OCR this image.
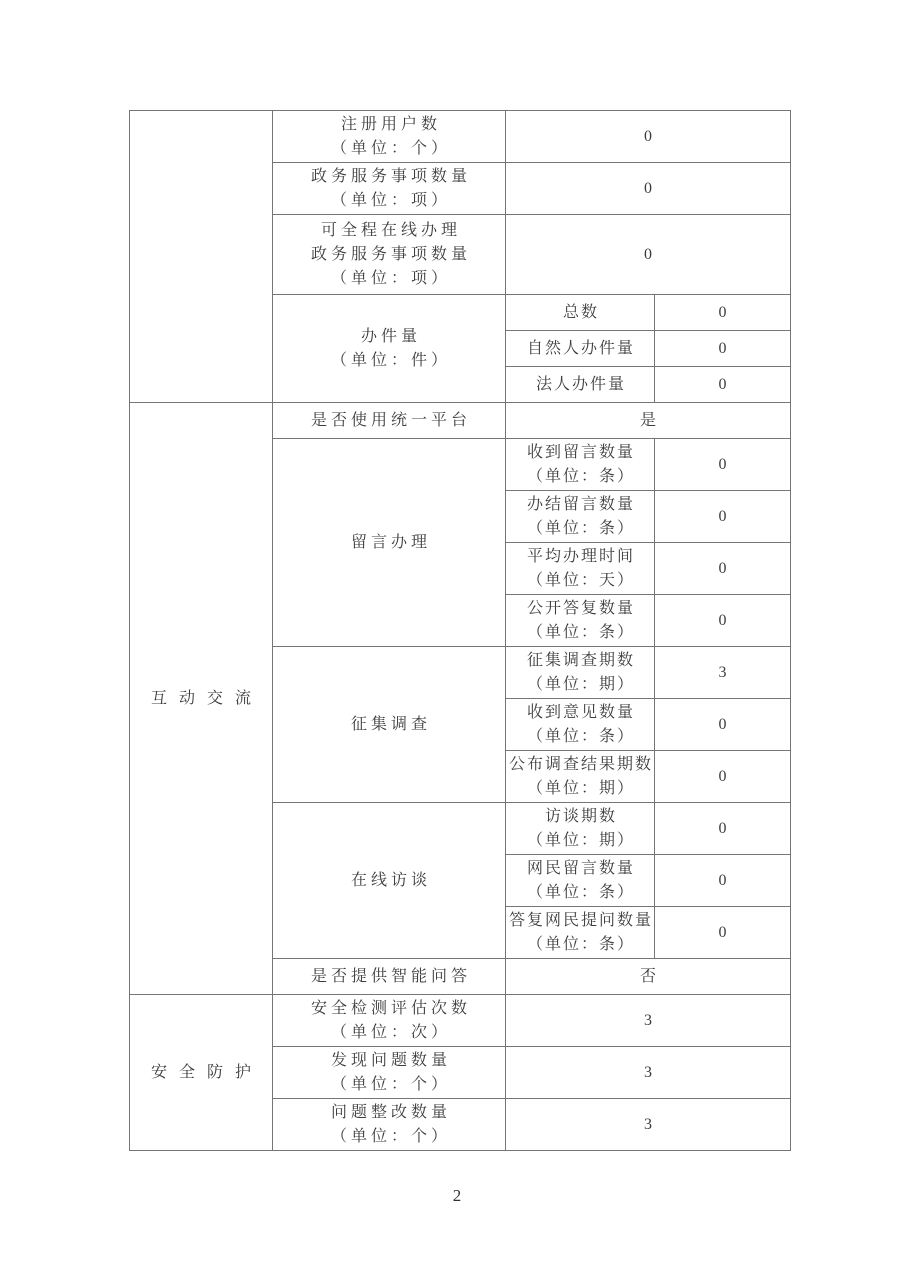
	注册用户数
（单位：个）	0	

	政务服务事项数量
（单位：项）	0	

	可全程在线办理
政务服务事项数量
（单位：项）	0	

	办件量
（单位：件）	总数	0

		自然人办件量	0

		法人办件量	0

互动交流	是否使用统一平台	是	

	留言办理	收到留言数量
（单位：条）	0

		办结留言数量
（单位：条）	0

		平均办理时间
（单位：天）	0

		公开答复数量
（单位：条）	0

	征集调查	征集调查期数
（单位：期）	3

		收到意见数量
（单位：条）	0

		公布调查结果期数
（单位：期）	0

	在线访谈	访谈期数
（单位：期）	0

		网民留言数量
（单位：条）	0

		答复网民提问数量
（单位：条）	0

	是否提供智能问答	否	

安全防护	安全检测评估次数
（单位：次）	3	

	发现问题数量
（单位：个）	3	

	问题整改数量
（单位：个）	3	
2
